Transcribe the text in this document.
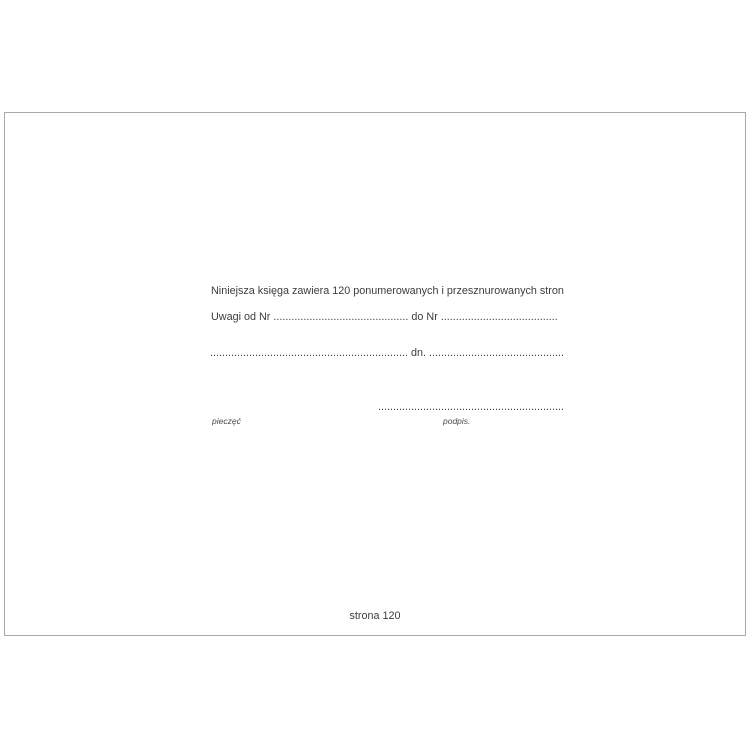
Niniejsza księga zawiera 120 ponumerowanych i przesznurowanych stron
Uwagi od Nr ............................................. do Nr .......................................
.................................................................. dn. .............................................
..............................................................
podpis.
pieczęć
strona 120
